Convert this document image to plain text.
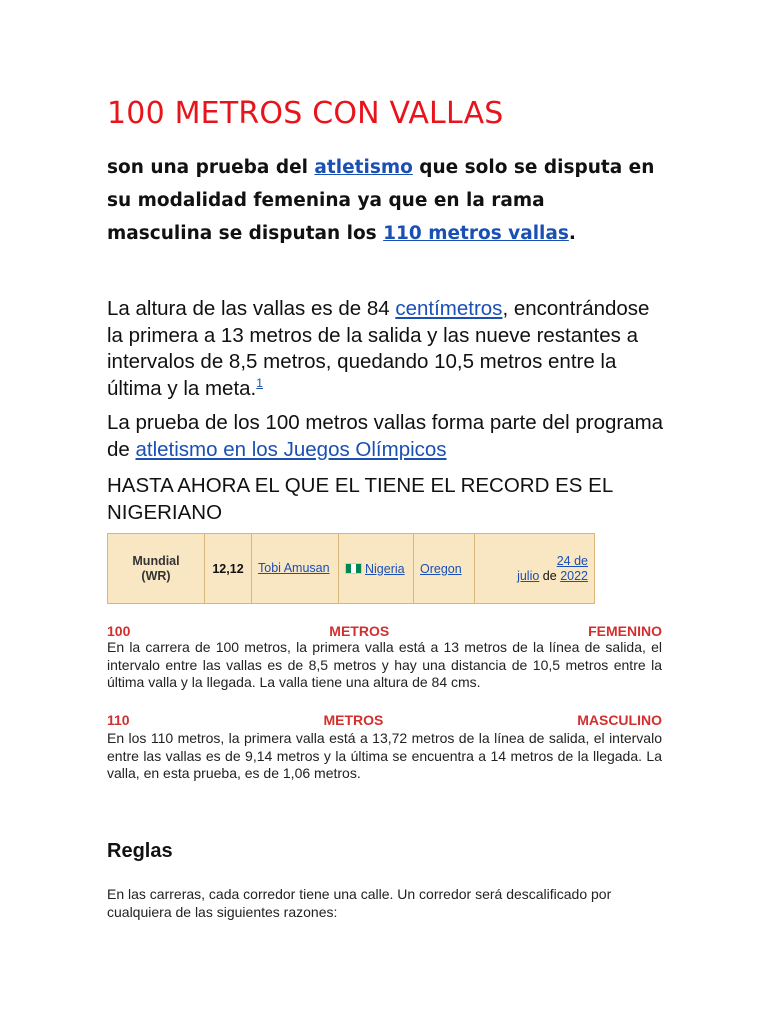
100 METROS CON VALLAS

son una prueba del atletismo que solo se disputa en su modalidad femenina ya que en la rama masculina se disputan los 110 metros vallas.

La altura de las vallas es de 84 centímetros, encontrándose la primera a 13 metros de la salida y las nueve restantes a intervalos de 8,5 metros, quedando 10,5 metros entre la última y la meta.$^1$

La prueba de los 100 metros vallas forma parte del programa de atletismo en los Juegos Olímpicos

HASTA AHORA EL QUE EL TIENE EL RECORD ES EL NIGERIANO

Mundial
(WR)	12,12	Tobi Amusan	Nigeria	Oregon	24 de
julio de 2022
100	METROS	FEMENINO

En la carrera de 100 metros, la primera valla está a 13 metros de la línea de salida, el intervalo entre las vallas es de 8,5 metros y hay una distancia de 10,5 metros entre la última valla y la llegada. La valla tiene una altura de 84 cms.

110	METROS	MASCULINO

En los 110 metros, la primera valla está a 13,72 metros de la línea de salida, el intervalo entre las vallas es de 9,14 metros y la última se encuentra a 14 metros de la llegada. La valla, en esta prueba, es de 1,06 metros.

Reglas

En las carreras, cada corredor tiene una calle. Un corredor será descalificado por cualquiera de las siguientes razones:
